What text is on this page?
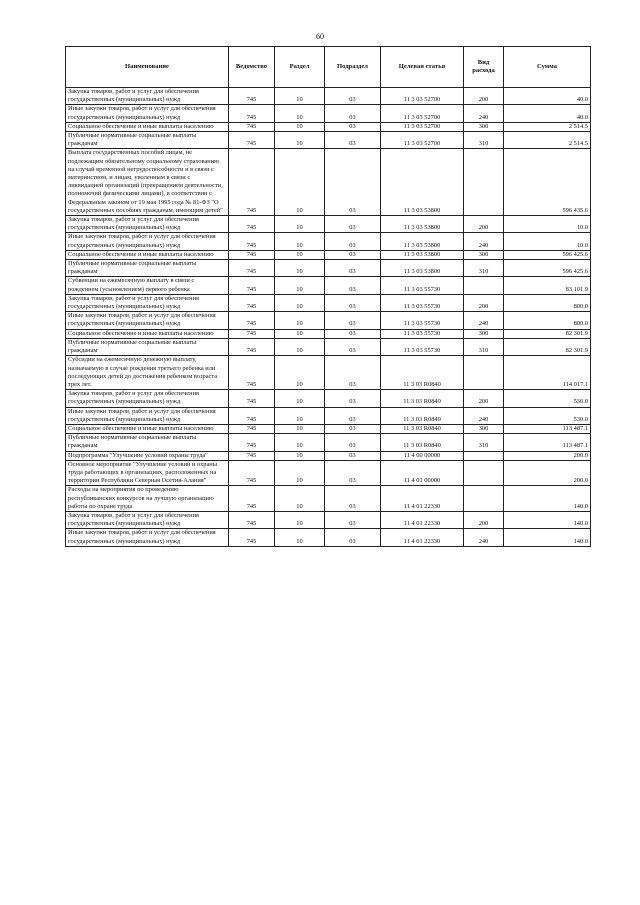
60
Наименование	Ведомство	Раздел	Подраздел	Целевая статья	Вид расхода	Сумма
Закупка товаров, работ и услуг для обеспечения государственных (муниципальных) нужд	745	10	03	11 3 03 52700	200	40.0
Иные закупки товаров, работ и услуг для обеспечения государственных (муниципальных) нужд	745	10	03	11 3 03 52700	240	40.0
Социальное обеспечение и иные выплаты населению	745	10	03	11 3 03 52700	300	2 514.5
Публичные нормативные социальные выплаты гражданам	745	10	03	11 3 03 52700	310	2 514.5
Выплата государственных пособий лицам, не подлежащим обязательному социальному страхованию на случай временной нетрудоспособности и в связи с материнством, и лицам, уволенным в связи с ликвидацией организаций (прекращением деятельности, полномочий физическими лицами), в соответствии с Федеральным законом от 19 мая 1995 года № 81-ФЗ "О государственных пособиях гражданам, имеющим детей"	745	10	03	11 3 03 53800		596 435.6
Закупка товаров, работ и услуг для обеспечения государственных (муниципальных) нужд	745	10	03	11 3 03 53800	200	10.0
Иные закупки товаров, работ и услуг для обеспечения государственных (муниципальных) нужд	745	10	03	11 3 03 53800	240	10.0
Социальное обеспечение и иные выплаты населению	745	10	03	11 3 03 53800	300	596 425.6
Публичные нормативные социальные выплаты гражданам	745	10	03	11 3 03 53800	310	596 425.6
Субвенции на ежемесячную выплату в связи с рождением (усыновлением) первого ребенка	745	10	03	11 3 03 55730		83 101.9
Закупка товаров, работ и услуг для обеспечения государственных (муниципальных) нужд	745	10	03	11 3 03 55730	200	800.0
Иные закупки товаров, работ и услуг для обеспечения государственных (муниципальных) нужд	745	10	03	11 3 03 55730	240	800.0
Социальное обеспечение и иные выплаты населению	745	10	03	11 3 03 55730	300	82 301.9
Публичные нормативные социальные выплаты гражданам	745	10	03	11 3 03 55730	310	82 301.9
Субсидии на ежемесячную денежную выплату, назначаемую в случае рождения третьего ребенка или последующих детей до достижения ребенком возраста трех лет.	745	10	03	11 3 03 R0840		114 017.1
Закупка товаров, работ и услуг для обеспечения государственных (муниципальных) нужд	745	10	03	11 3 03 R0840	200	530.0
Иные закупки товаров, работ и услуг для обеспечения государственных (муниципальных) нужд	745	10	03	11 3 03 R0840	240	530.0
Социальное обеспечение и иные выплаты населению	745	10	03	11 3 03 R0840	300	113 487.1
Публичные нормативные социальные выплаты гражданам	745	10	03	11 3 03 R0840	310	113 487.1
Подпрограмма "Улучшение условий охраны труда"	745	10	03	11 4 00 00000		200.0
Основное мероприятие "Улучшение условий и охраны труда работающих в организациях, расположенных на территории Республики Северная Осетия-Алания"	745	10	03	11 4 01 00000		200.0
Расходы на мероприятия по проведению республиканских конкурсов на лучшую организацию работы по охране труда	745	10	03	11 4 01 22330		140.0
Закупка товаров, работ и услуг для обеспечения государственных (муниципальных) нужд	745	10	03	11 4 01 22330	200	140.0
Иные закупки товаров, работ и услуг для обеспечения государственных (муниципальных) нужд	745	10	03	11 4 01 22330	240	140.0
